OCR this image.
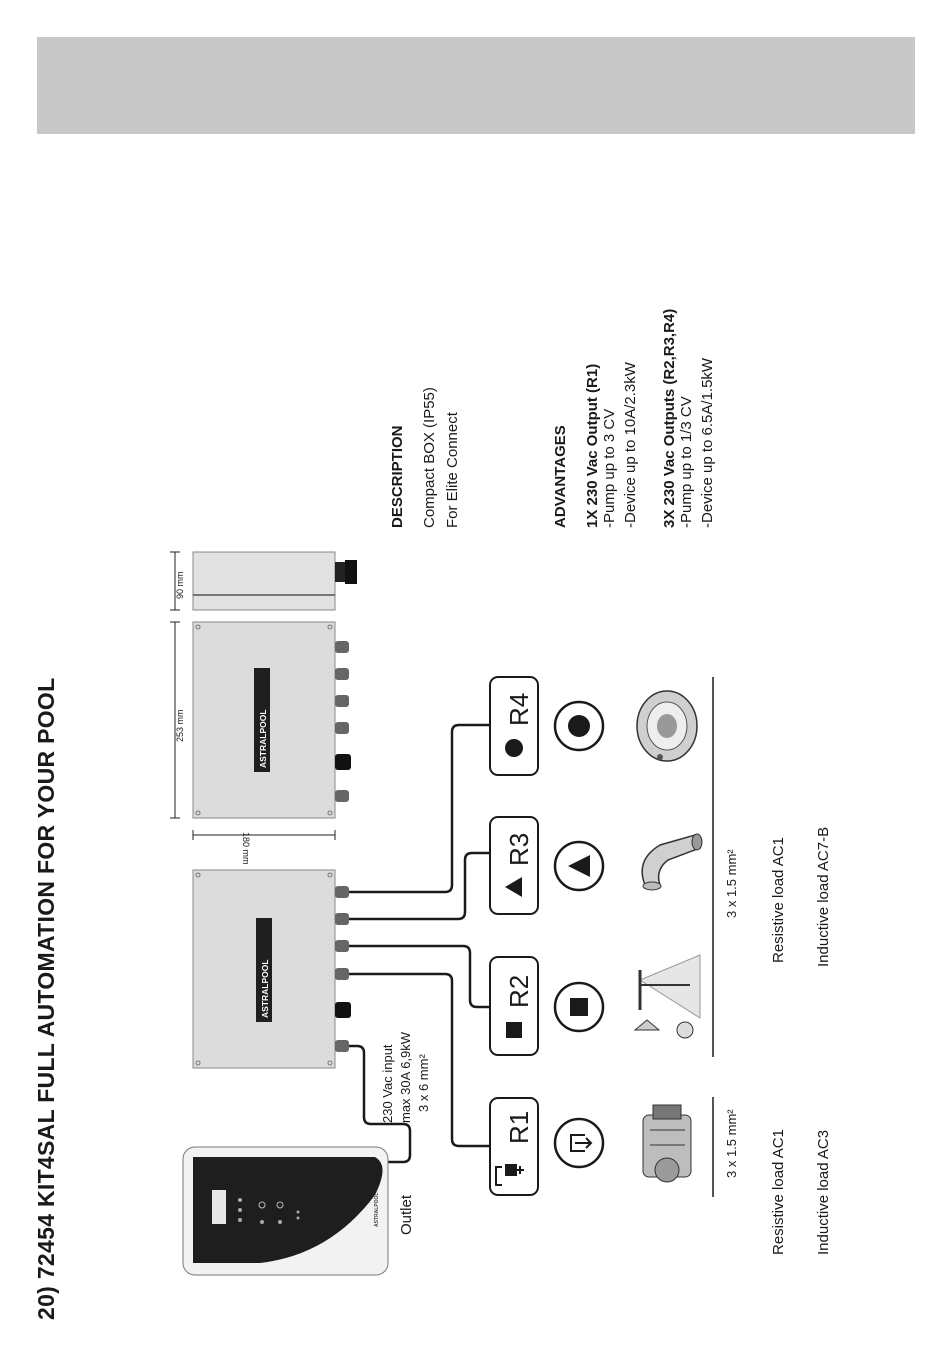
20) 72454 KIT4SAL FULL AUTOMATION FOR YOUR POOL
DESCRIPTION Compact BOX (IP55) For Elite Connect	ADVANTAGES 1X 230 Vac Output (R1) -Pump up to 3 CV -Device up to 10A/2.3kW 3X 230 Vac Outputs (R2,R3,R4) -Pump up to 1/3 CV -Device up to 6.5A/1.5kW
90 mm
ASTRALPOOL
253 mm
180 mm
ASTRALPOOL
R1
R2
R3
R4
ASTRALPOOL
230 Vac input max 30A 6,9kW 3 x 6 mm²
Outlet
3 x 1.5 mm²
3 x 1.5 mm²
Resistive load AC1 Inductive load AC3
Resistive load AC1 Inductive load AC7-B
